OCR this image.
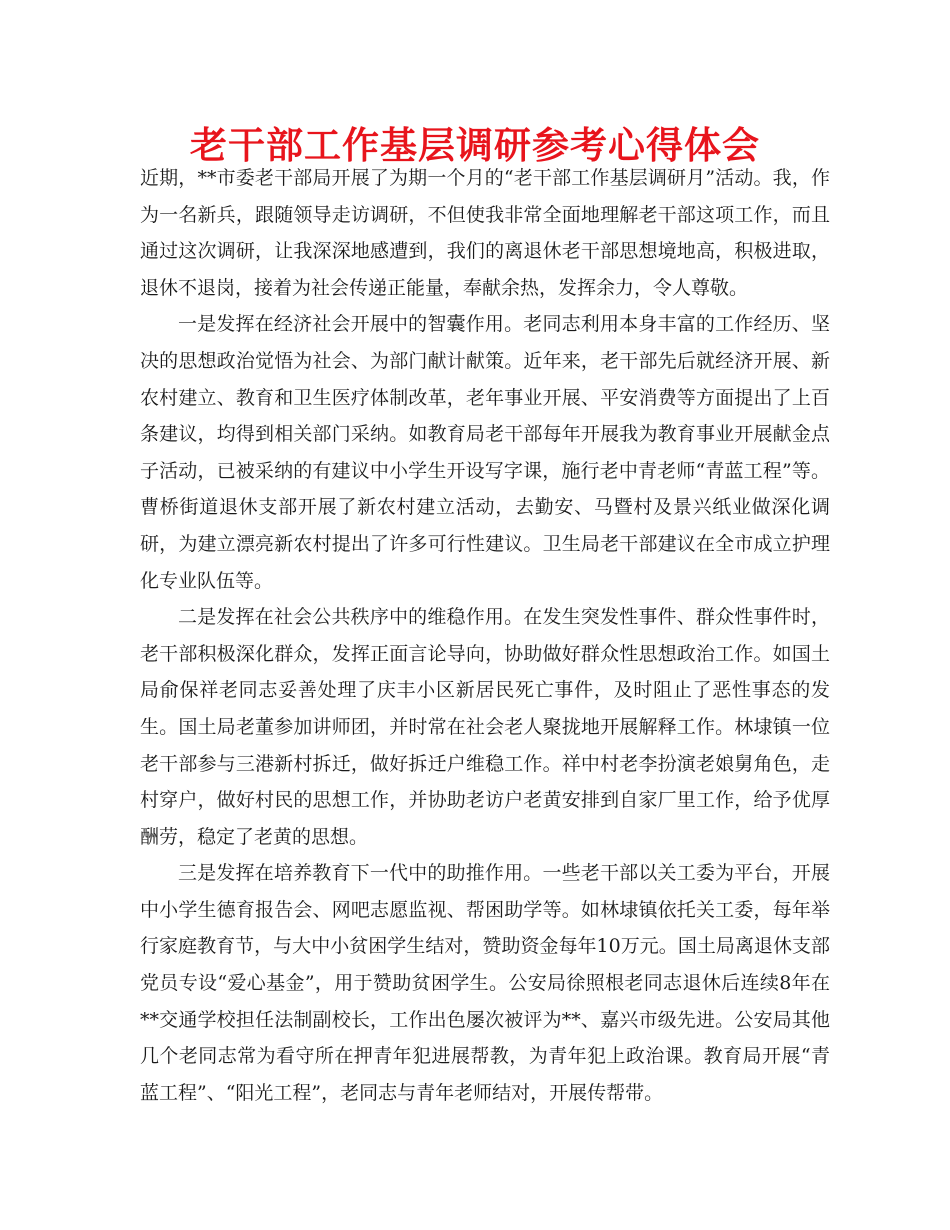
老干部工作基层调研参考心得体会

近期，**市委老干部局开展了为期一个月的“老干部工作基层调研月”活动。我，作为一名新兵，跟随领导走访调研，不但使我非常全面地理解老干部这项工作，而且通过这次调研，让我深深地感遭到，我们的离退休老干部思想境地高，积极进取，退休不退岗，接着为社会传递正能量，奉献余热，发挥余力，令人尊敬。

一是发挥在经济社会开展中的智囊作用。老同志利用本身丰富的工作经历、坚决的思想政治觉悟为社会、为部门献计献策。近年来，老干部先后就经济开展、新农村建立、教育和卫生医疗体制改革，老年事业开展、平安消费等方面提出了上百条建议，均得到相关部门采纳。如教育局老干部每年开展我为教育事业开展献金点子活动，已被采纳的有建议中小学生开设写字课，施行老中青老师“青蓝工程”等。曹桥街道退休支部开展了新农村建立活动，去勤安、马暨村及景兴纸业做深化调研，为建立漂亮新农村提出了许多可行性建议。卫生局老干部建议在全市成立护理化专业队伍等。

二是发挥在社会公共秩序中的维稳作用。在发生突发性事件、群众性事件时，老干部积极深化群众，发挥正面言论导向，协助做好群众性思想政治工作。如国土局俞保祥老同志妥善处理了庆丰小区新居民死亡事件，及时阻止了恶性事态的发生。国土局老董参加讲师团，并时常在社会老人聚拢地开展解释工作。林埭镇一位老干部参与三港新村拆迁，做好拆迁户维稳工作。祥中村老李扮演老娘舅角色，走村穿户，做好村民的思想工作，并协助老访户老黄安排到自家厂里工作，给予优厚酬劳，稳定了老黄的思想。

三是发挥在培养教育下一代中的助推作用。一些老干部以关工委为平台，开展中小学生德育报告会、网吧志愿监视、帮困助学等。如林埭镇依托关工委，每年举行家庭教育节，与大中小贫困学生结对，赞助资金每年10万元。国土局离退休支部党员专设“爱心基金”，用于赞助贫困学生。公安局徐照根老同志退休后连续8年在**交通学校担任法制副校长，工作出色屡次被评为**、嘉兴市级先进。公安局其他几个老同志常为看守所在押青年犯进展帮教，为青年犯上政治课。教育局开展“青蓝工程”、“阳光工程”，老同志与青年老师结对，开展传帮带。
